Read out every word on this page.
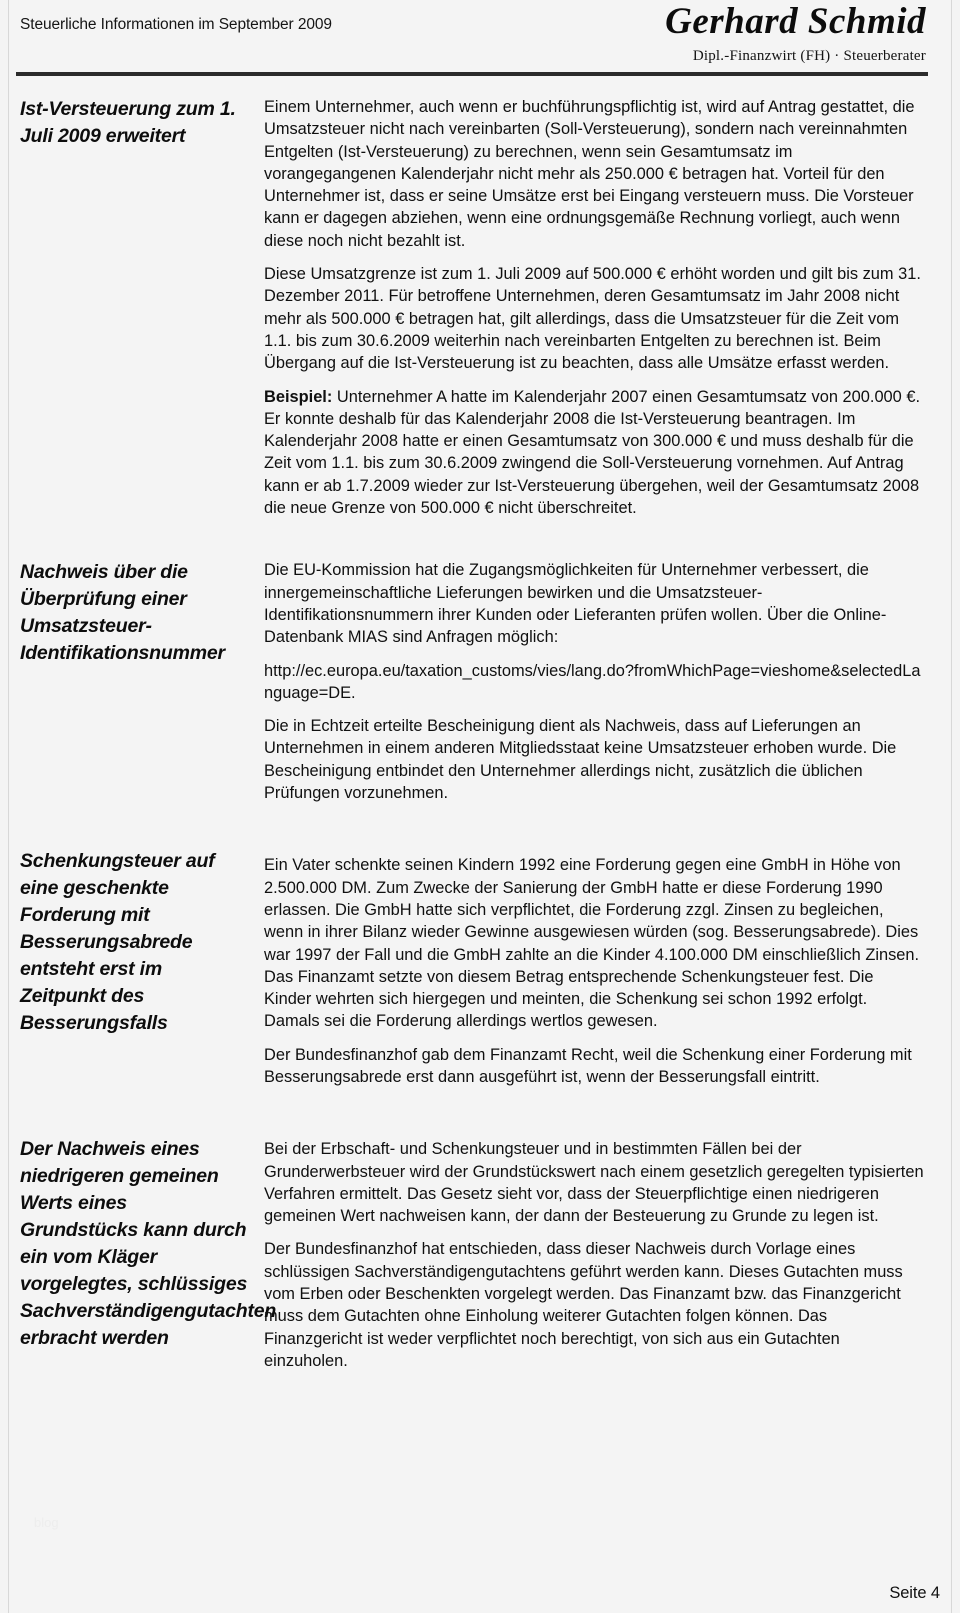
Steuerliche Informationen im September 2009	Gerhard Schmid
Dipl.-Finanzwirt (FH) · Steuerberater
Ist-Versteuerung zum 1. Juli 2009 erweitert

Einem Unternehmer, auch wenn er buchführungspflichtig ist, wird auf Antrag gestattet, die Umsatzsteuer nicht nach vereinbarten (Soll-Versteuerung), sondern nach vereinnahmten Entgelten (Ist-Versteuerung) zu berechnen, wenn sein Gesamtumsatz im vorangegangenen Kalenderjahr nicht mehr als 250.000 € betragen hat. Vorteil für den Unternehmer ist, dass er seine Umsätze erst bei Eingang versteuern muss. Die Vorsteuer kann er dagegen abziehen, wenn eine ordnungsgemäße Rechnung vorliegt, auch wenn diese noch nicht bezahlt ist.

Diese Umsatzgrenze ist zum 1. Juli 2009 auf 500.000 € erhöht worden und gilt bis zum 31. Dezember 2011. Für betroffene Unternehmen, deren Gesamtumsatz im Jahr 2008 nicht mehr als 500.000 € betragen hat, gilt allerdings, dass die Umsatzsteuer für die Zeit vom 1.1. bis zum 30.6.2009 weiterhin nach vereinbarten Entgelten zu berechnen ist. Beim Übergang auf die Ist-Versteuerung ist zu beachten, dass alle Umsätze erfasst werden.

Beispiel: Unternehmer A hatte im Kalenderjahr 2007 einen Gesamtumsatz von 200.000 €. Er konnte deshalb für das Kalenderjahr 2008 die Ist-Versteuerung beantragen. Im Kalenderjahr 2008 hatte er einen Gesamtumsatz von 300.000 € und muss deshalb für die Zeit vom 1.1. bis zum 30.6.2009 zwingend die Soll-Versteuerung vornehmen. Auf Antrag kann er ab 1.7.2009 wieder zur Ist-Versteuerung übergehen, weil der Gesamtumsatz 2008 die neue Grenze von 500.000 € nicht überschreitet.

Nachweis über die Überprüfung einer Umsatzsteuer-Identifikationsnummer

Die EU-Kommission hat die Zugangsmöglichkeiten für Unternehmer verbessert, die innergemeinschaftliche Lieferungen bewirken und die Umsatzsteuer-Identifikationsnummern ihrer Kunden oder Lieferanten prüfen wollen. Über die Online-Datenbank MIAS sind Anfragen möglich:

http://ec.europa.eu/taxation_customs/vies/lang.do?fromWhichPage=vieshome&selectedLanguage=DE.

Die in Echtzeit erteilte Bescheinigung dient als Nachweis, dass auf Lieferungen an Unternehmen in einem anderen Mitgliedsstaat keine Umsatzsteuer erhoben wurde. Die Bescheinigung entbindet den Unternehmer allerdings nicht, zusätzlich die üblichen Prüfungen vorzunehmen.

Schenkungsteuer auf eine geschenkte Forderung mit Besserungsabrede entsteht erst im Zeitpunkt des Besserungsfalls

Ein Vater schenkte seinen Kindern 1992 eine Forderung gegen eine GmbH in Höhe von 2.500.000 DM. Zum Zwecke der Sanierung der GmbH hatte er diese Forderung 1990 erlassen. Die GmbH hatte sich verpflichtet, die Forderung zzgl. Zinsen zu begleichen, wenn in ihrer Bilanz wieder Gewinne ausgewiesen würden (sog. Besserungsabrede). Dies war 1997 der Fall und die GmbH zahlte an die Kinder 4.100.000 DM einschließlich Zinsen. Das Finanzamt setzte von diesem Betrag entsprechende Schenkungsteuer fest. Die Kinder wehrten sich hiergegen und meinten, die Schenkung sei schon 1992 erfolgt. Damals sei die Forderung allerdings wertlos gewesen.

Der Bundesfinanzhof gab dem Finanzamt Recht, weil die Schenkung einer Forderung mit Besserungsabrede erst dann ausgeführt ist, wenn der Besserungsfall eintritt.

Der Nachweis eines niedrigeren gemeinen Werts eines Grundstücks kann durch ein vom Kläger vorgelegtes, schlüssiges Sachverständigengutachten erbracht werden

Bei der Erbschaft- und Schenkungsteuer und in bestimmten Fällen bei der Grunderwerbsteuer wird der Grundstückswert nach einem gesetzlich geregelten typisierten Verfahren ermittelt. Das Gesetz sieht vor, dass der Steuerpflichtige einen niedrigeren gemeinen Wert nachweisen kann, der dann der Besteuerung zu Grunde zu legen ist.

Der Bundesfinanzhof hat entschieden, dass dieser Nachweis durch Vorlage eines schlüssigen Sachverständigengutachtens geführt werden kann. Dieses Gutachten muss vom Erben oder Beschenkten vorgelegt werden. Das Finanzamt bzw. das Finanzgericht muss dem Gutachten ohne Einholung weiterer Gutachten folgen können. Das Finanzgericht ist weder verpflichtet noch berechtigt, von sich aus ein Gutachten einzuholen.

blog
Seite 4
